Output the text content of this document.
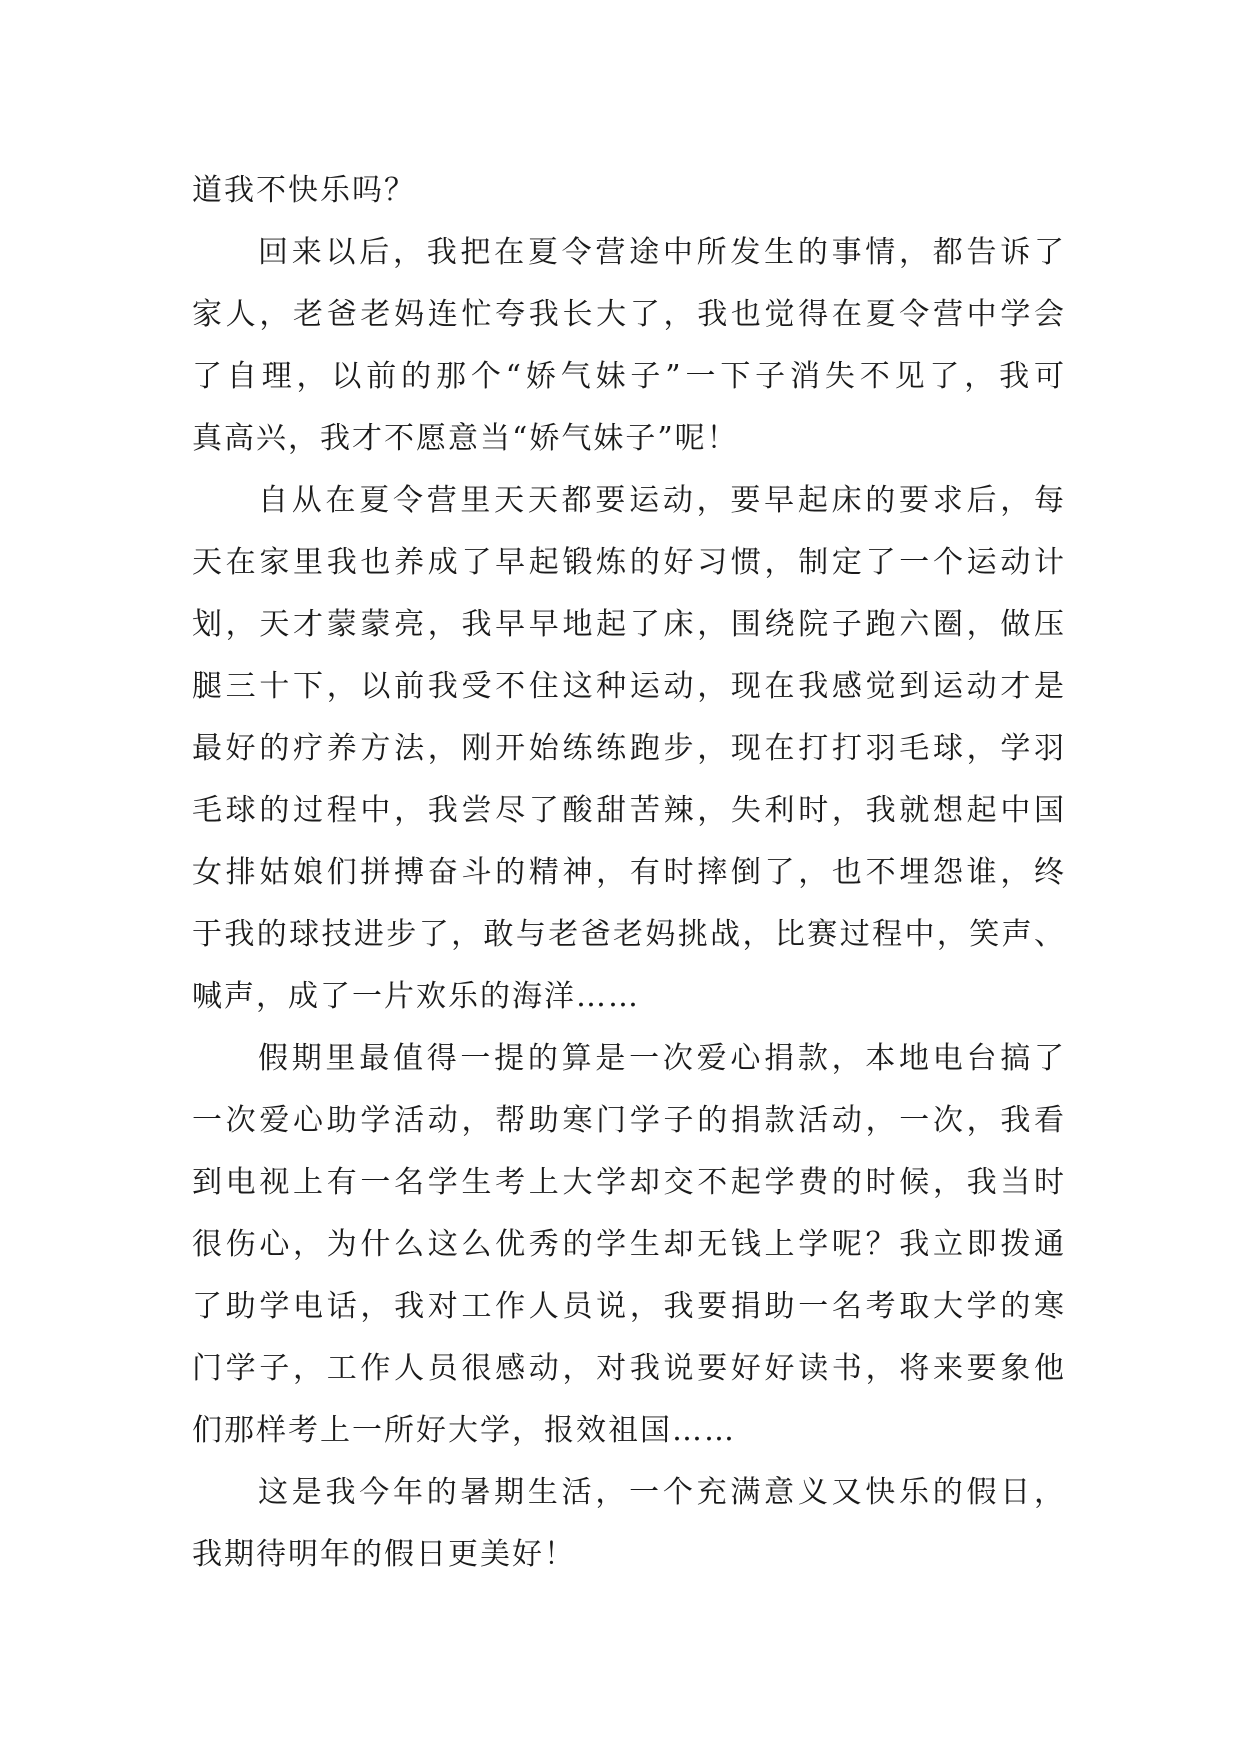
道我不快乐吗？
回来以后，我把在夏令营途中所发生的事情，都告诉了
家人，老爸老妈连忙夸我长大了，我也觉得在夏令营中学会
了自理，以前的那个“娇气妹子”一下子消失不见了，我可
真高兴，我才不愿意当“娇气妹子”呢！
自从在夏令营里天天都要运动，要早起床的要求后，每
天在家里我也养成了早起锻炼的好习惯，制定了一个运动计
划，天才蒙蒙亮，我早早地起了床，围绕院子跑六圈，做压
腿三十下，以前我受不住这种运动，现在我感觉到运动才是
最好的疗养方法，刚开始练练跑步，现在打打羽毛球，学羽
毛球的过程中，我尝尽了酸甜苦辣，失利时，我就想起中国
女排姑娘们拼搏奋斗的精神，有时摔倒了，也不埋怨谁，终
于我的球技进步了，敢与老爸老妈挑战，比赛过程中，笑声、
喊声，成了一片欢乐的海洋……
假期里最值得一提的算是一次爱心捐款，本地电台搞了
一次爱心助学活动，帮助寒门学子的捐款活动，一次，我看
到电视上有一名学生考上大学却交不起学费的时候，我当时
很伤心，为什么这么优秀的学生却无钱上学呢？我立即拨通
了助学电话，我对工作人员说，我要捐助一名考取大学的寒
门学子，工作人员很感动，对我说要好好读书，将来要象他
们那样考上一所好大学，报效祖国……
这是我今年的暑期生活，一个充满意义又快乐的假日，
我期待明年的假日更美好！
